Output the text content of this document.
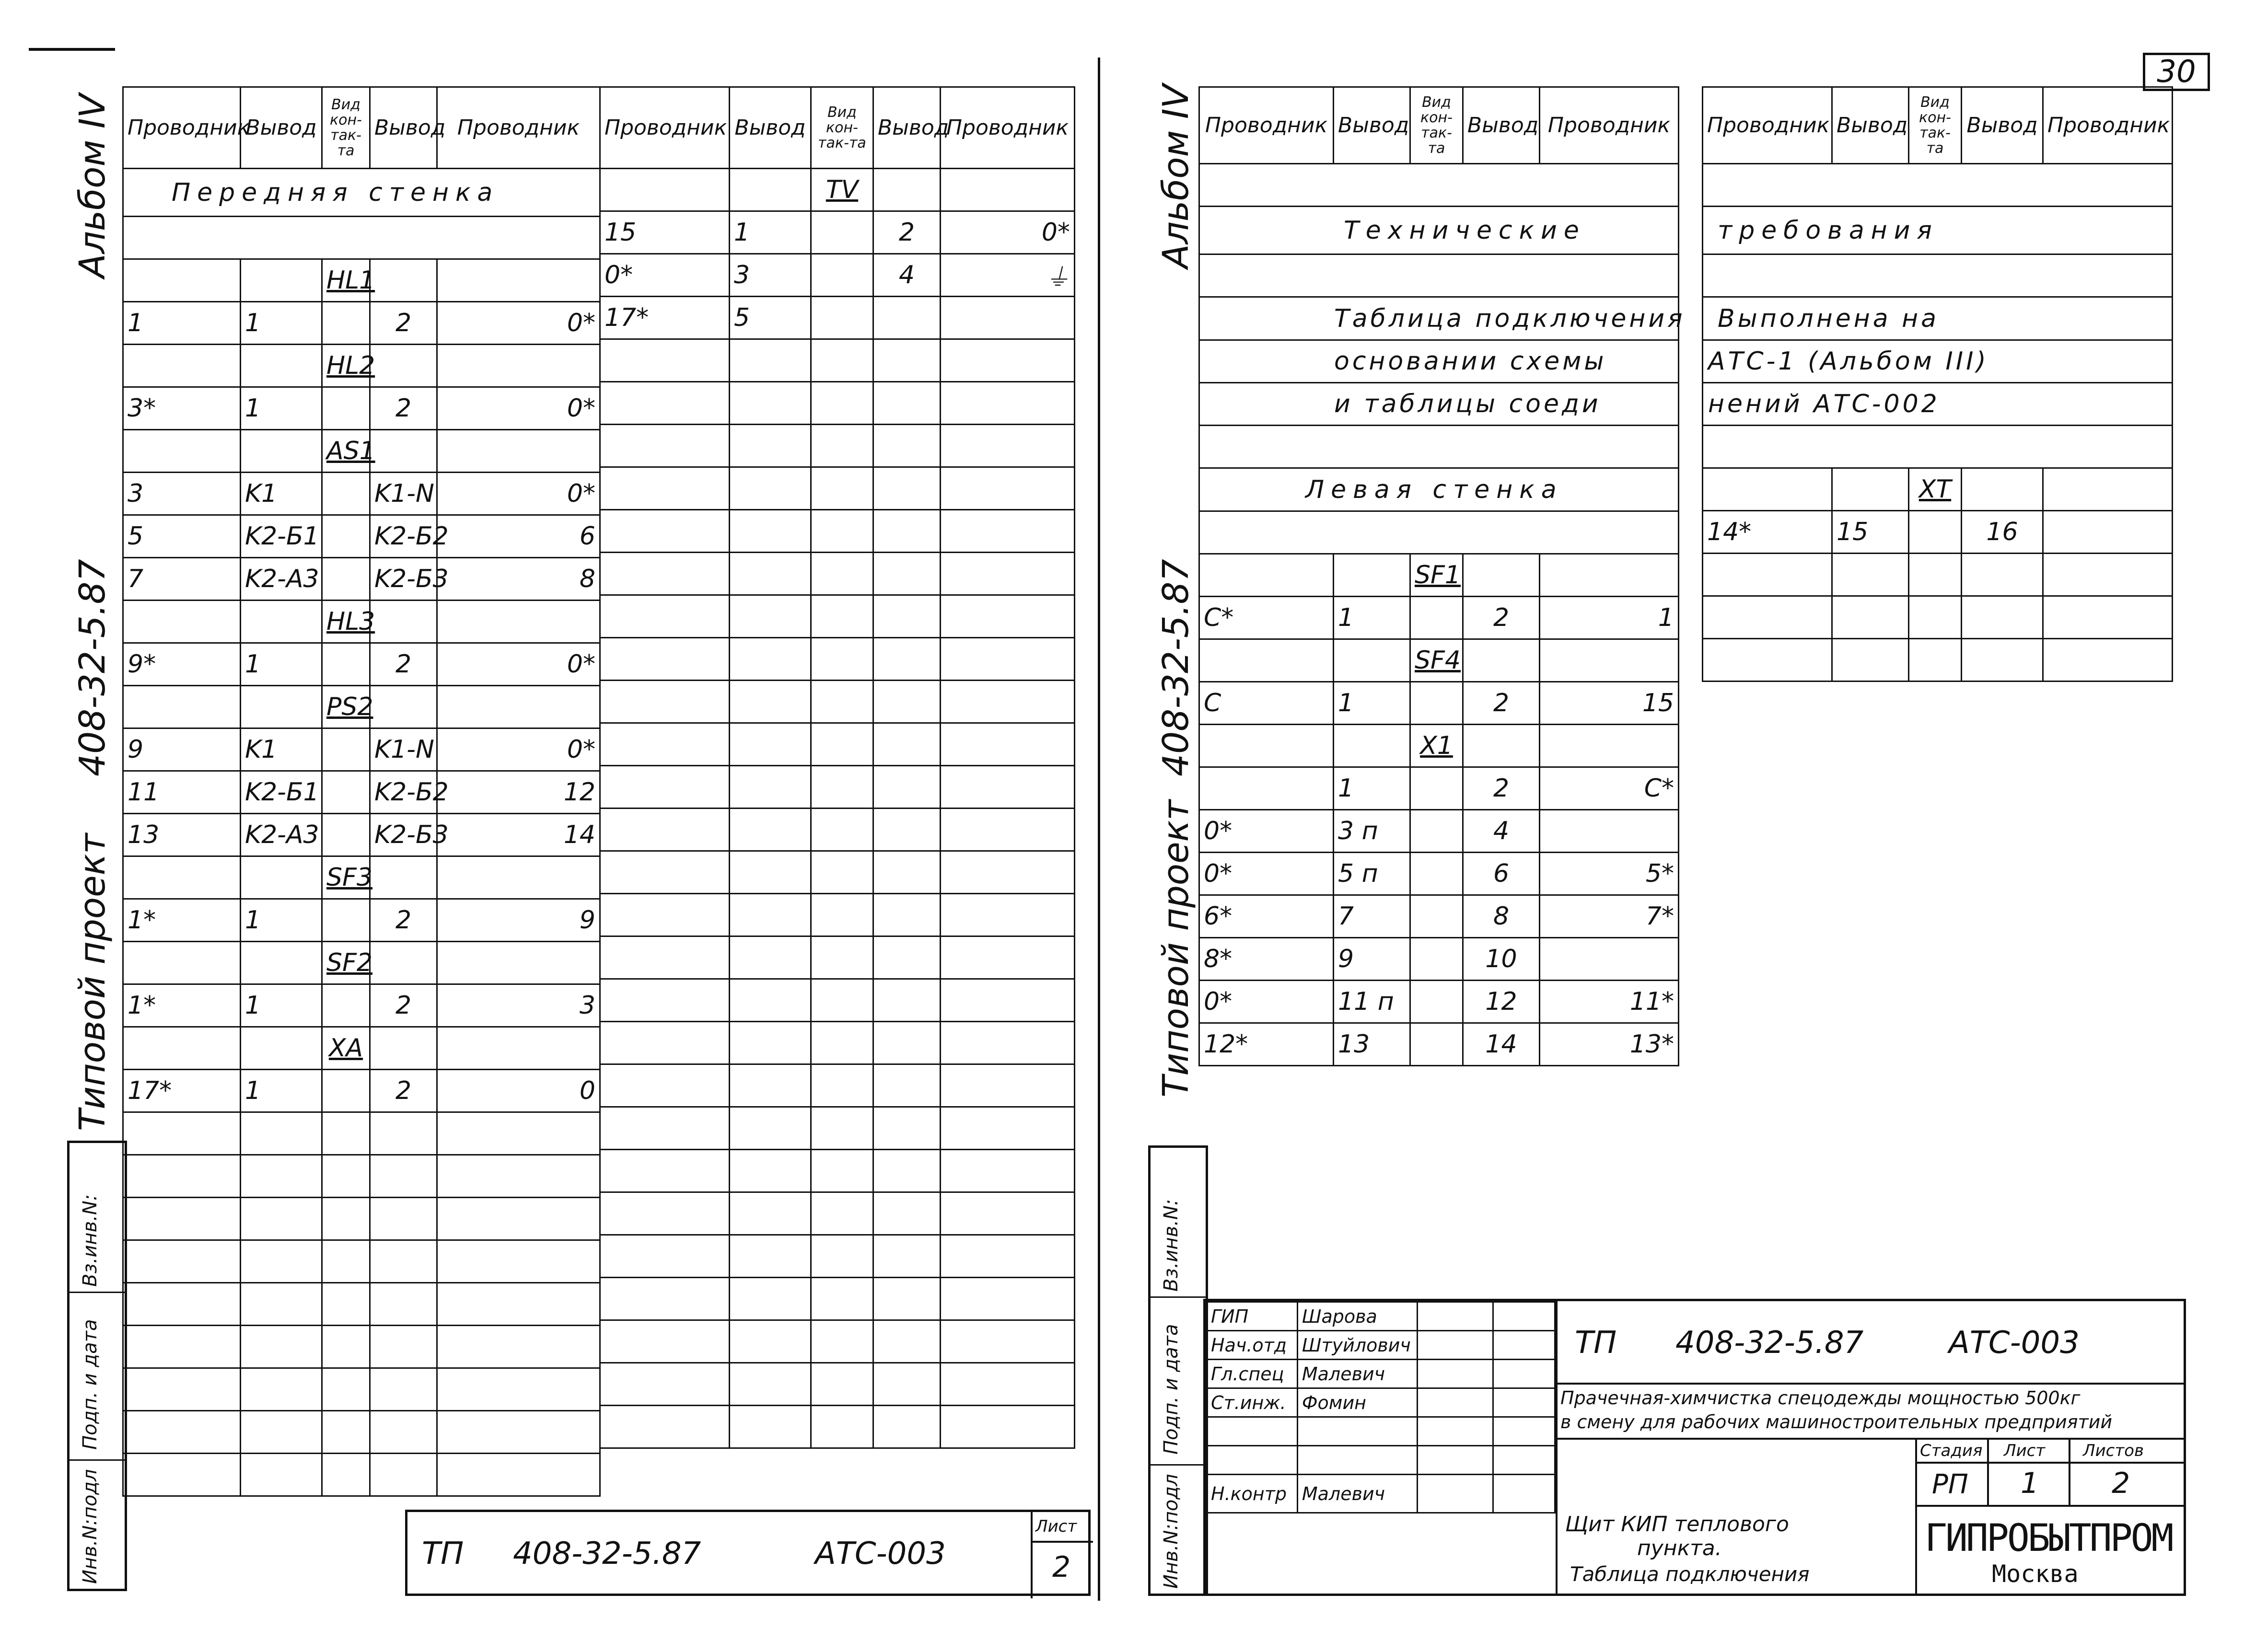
30
Альбом IV
408-32-5.87
Типовой проект
Вз.инв.N:
Подп. и дата
Инв.N:подл
Проводник	Вывод	Вид кон-так-та	Вывод	Проводник
Передняя стенка				

		HL1		
1	1		2	0*
		HL2		
3*	1		2	0*
		AS1		
3	K1		K1-N	0*
5	K2-Б1		K2-Б2	6
7	K2-A3		K2-Б3	8
		HL3		
9*	1		2	0*
		PS2		
9	K1		K1-N	0*
11	K2-Б1		K2-Б2	12
13	K2-A3		K2-Б3	14
		SF3		
1*	1		2	9
		SF2		
1*	1		2	3
		XA		
17*	1		2	0

Проводник	Вывод	Вид кон-так-та	Вывод	Проводник
		TV		
15	1		2	0*
0*	3		4	⏚
17*	5			

ТП 408-32-5.87	АТС-003
Лист
2
Альбом IV
408-32-5.87
Типовой проект
Вз.инв.N:
Подп. и дата
Инв.N:подл
Проводник	Вывод	Вид кон-так-та	Вывод	Проводник

Технические				

Таблица подключения				
основании схемы				
и таблицы соеди				

Левая стенка				

		SF1		
C*	1		2	1
		SF4		
C	1		2	15
		X1		
	1		2	C*
0*	3 п		4	
0*	5 п		6	5*
6*	7		8	7*
8*	9		10	
0*	11 п		12	11*
12*	13		14	13*
Проводник	Вывод	Вид кон-так-та	Вывод	Проводник

требования				

Выполнена на				
АТС-1 (Альбом III)				
нений АТС-002				

		XT		
14*	15		16	

ГИП	Шарова		
Нач.отд	Штуйлович		
Гл.спец	Малевич		
Ст.инж.	Фомин		

Н.контр	Малевич		
ТП 408-32-5.87	АТС-003
Прачечная-химчистка спецодежды мощностью 500кг
в смену для рабочих машиностроительных предприятий
Стадия Лист Листов
РП 1	2
Щит КИП теплового
пункта.
Таблица подключения
ГИПРОБЫТПРОМ
Москва
